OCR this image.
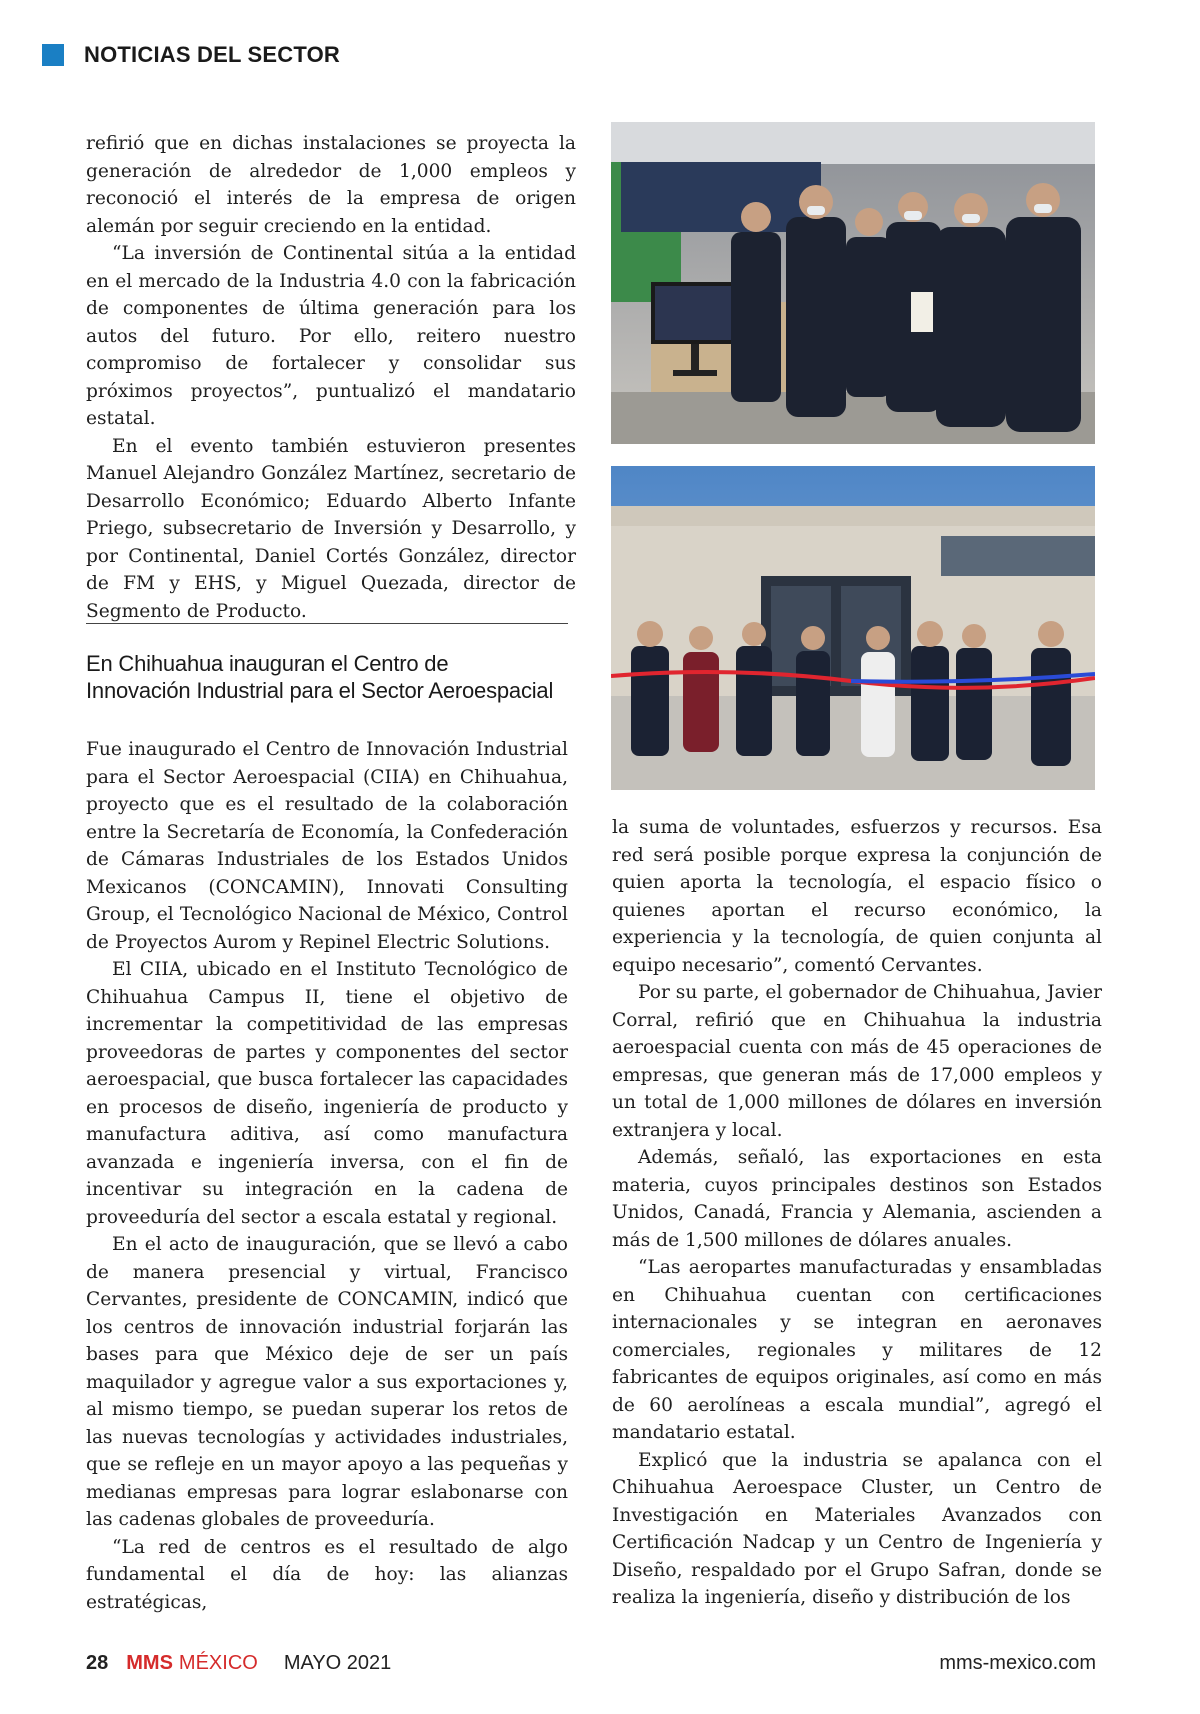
NOTICIAS DEL SECTOR

refirió que en dichas instalaciones se proyecta la generación de alrededor de 1,000 empleos y reconoció el interés de la empresa de origen alemán por seguir creciendo en la entidad.

“La inversión de Continental sitúa a la entidad en el mercado de la Industria 4.0 con la fabricación de componentes de última generación para los autos del futuro. Por ello, reitero nuestro compromiso de fortalecer y consolidar sus próximos proyectos”, puntualizó el mandatario estatal.

En el evento también estuvieron presentes Manuel Alejandro González Martínez, secretario de Desarrollo Económico; Eduardo Alberto Infante Priego, subsecretario de Inversión y Desarrollo, y por Continental, Daniel Cortés González, director de FM y EHS, y Miguel Quezada, director de Segmento de Producto.

En Chihuahua inauguran el Centro de Innovación Industrial para el Sector Aeroespacial

Fue inaugurado el Centro de Innovación Industrial para el Sector Aeroespacial (CIIA) en Chihuahua, proyecto que es el resultado de la colaboración entre la Secretaría de Economía, la Confederación de Cámaras Industriales de los Estados Unidos Mexicanos (CONCAMIN), Innovati Consulting Group, el Tecnológico Nacional de México, Control de Proyectos Aurom y Repinel Electric Solutions.

El CIIA, ubicado en el Instituto Tecnológico de Chihuahua Campus II, tiene el objetivo de incrementar la competitividad de las empresas proveedoras de partes y componentes del sector aeroespacial, que busca fortalecer las capacidades en procesos de diseño, ingeniería de producto y manufactura aditiva, así como manufactura avanzada e ingeniería inversa, con el fin de incentivar su integración en la cadena de proveeduría del sector a escala estatal y regional.

En el acto de inauguración, que se llevó a cabo de manera presencial y virtual, Francisco Cervantes, presidente de CONCAMIN, indicó que los centros de innovación industrial forjarán las bases para que México deje de ser un país maquilador y agregue valor a sus exportaciones y, al mismo tiempo, se puedan superar los retos de las nuevas tecnologías y actividades industriales, que se refleje en un mayor apoyo a las pequeñas y medianas empresas para lograr eslabonarse con las cadenas globales de proveeduría.

“La red de centros es el resultado de algo fundamental el día de hoy: las alianzas estratégicas,

la suma de voluntades, esfuerzos y recursos. Esa red será posible porque expresa la conjunción de quien aporta la tecnología, el espacio físico o quienes aportan el recurso económico, la experiencia y la tecnología, de quien conjunta al equipo necesario”, comentó Cervantes.

Por su parte, el gobernador de Chihuahua, Javier Corral, refirió que en Chihuahua la industria aeroespacial cuenta con más de 45 operaciones de empresas, que generan más de 17,000 empleos y un total de 1,000 millones de dólares en inversión extranjera y local.

Además, señaló, las exportaciones en esta materia, cuyos principales destinos son Estados Unidos, Canadá, Francia y Alemania, ascienden a más de 1,500 millones de dólares anuales.

“Las aeropartes manufacturadas y ensambladas en Chihuahua cuentan con certificaciones internacionales y se integran en aeronaves comerciales, regionales y militares de 12 fabricantes de equipos originales, así como en más de 60 aerolíneas a escala mundial”, agregó el mandatario estatal.

Explicó que la industria se apalanca con el Chihuahua Aeroespace Cluster, un Centro de Investigación en Materiales Avanzados con Certificación Nadcap y un Centro de Ingeniería y Diseño, respaldado por el Grupo Safran, donde se realiza la ingeniería, diseño y distribución de los

28 MMS MÉXICO MAYO 2021	mms-mexico.com
